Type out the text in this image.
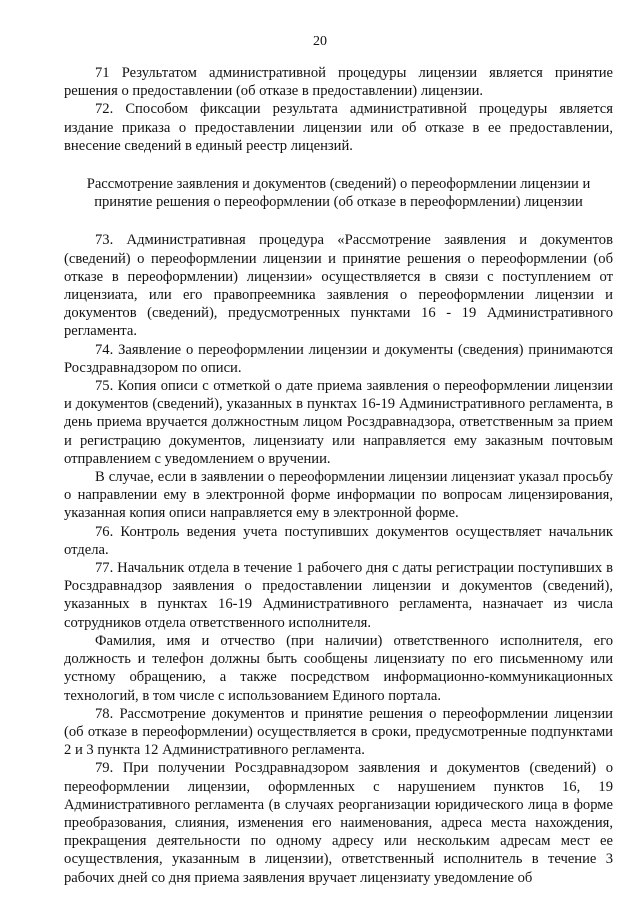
20

71 Результатом административной процедуры лицензии является принятие решения о предоставлении (об отказе в предоставлении) лицензии.

72. Способом фиксации результата административной процедуры является издание приказа о предоставлении лицензии или об отказе в ее предоставлении, внесение сведений в единый реестр лицензий.

Рассмотрение заявления и документов (сведений) о переоформлении лицензии и принятие решения о переоформлении (об отказе в переоформлении) лицензии

73. Административная процедура «Рассмотрение заявления и документов (сведений) о переоформлении лицензии и принятие решения о переоформлении (об отказе в переоформлении) лицензии» осуществляется в связи с поступлением от лицензиата, или его правопреемника заявления о переоформлении лицензии и документов (сведений), предусмотренных пунктами 16 - 19 Административного регламента.

74. Заявление о переоформлении лицензии и документы (сведения) принимаются Росздравнадзором по описи.

75. Копия описи с отметкой о дате приема заявления о переоформлении лицензии и документов (сведений), указанных в пунктах 16-19 Административного регламента, в день приема вручается должностным лицом Росздравнадзора, ответственным за прием и регистрацию документов, лицензиату или направляется ему заказным почтовым отправлением с уведомлением о вручении.

В случае, если в заявлении о переоформлении лицензии лицензиат указал просьбу о направлении ему в электронной форме информации по вопросам лицензирования, указанная копия описи направляется ему в электронной форме.

76. Контроль ведения учета поступивших документов осуществляет начальник отдела.

77. Начальник отдела в течение 1 рабочего дня с даты регистрации поступивших в Росздравнадзор заявления о предоставлении лицензии и документов (сведений), указанных в пунктах 16-19 Административного регламента, назначает из числа сотрудников отдела ответственного исполнителя.

Фамилия, имя и отчество (при наличии) ответственного исполнителя, его должность и телефон должны быть сообщены лицензиату по его письменному или устному обращению, а также посредством информационно-коммуникационных технологий, в том числе с использованием Единого портала.

78. Рассмотрение документов и принятие решения о переоформлении лицензии (об отказе в переоформлении) осуществляется в сроки, предусмотренные подпунктами 2 и 3 пункта 12 Административного регламента.

79. При получении Росздравнадзором заявления и документов (сведений) о переоформлении лицензии, оформленных с нарушением пунктов 16, 19 Административного регламента (в случаях реорганизации юридического лица в форме преобразования, слияния, изменения его наименования, адреса места нахождения, прекращения деятельности по одному адресу или нескольким адресам мест ее осуществления, указанным в лицензии), ответственный исполнитель в течение 3 рабочих дней со дня приема заявления вручает лицензиату уведомление об
